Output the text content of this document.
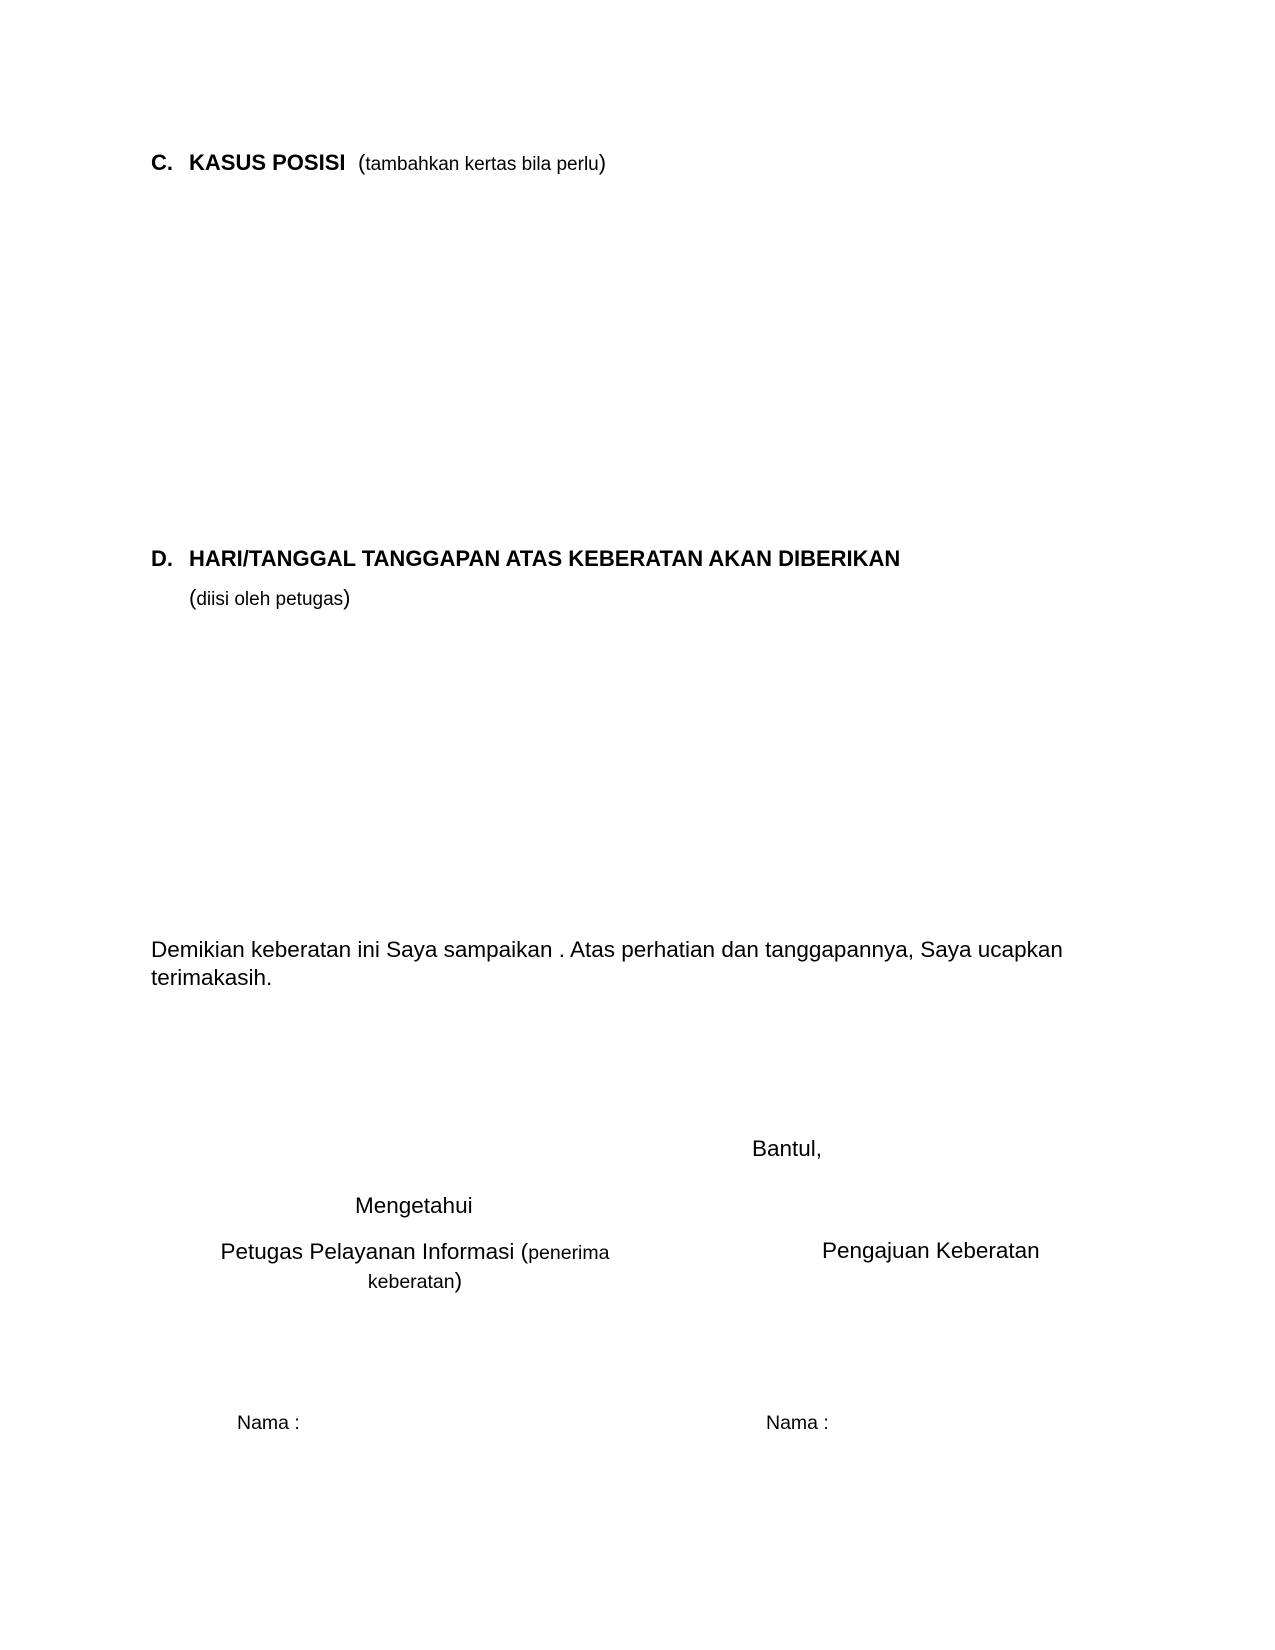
C. KASUS POSISI (tambahkan kertas bila perlu)
D. HARI/TANGGAL TANGGAPAN ATAS KEBERATAN AKAN DIBERIKAN
(diisi oleh petugas)
Demikian keberatan ini Saya sampaikan . Atas perhatian dan tanggapannya, Saya ucapkan terimakasih.
Bantul,
Mengetahui
Petugas Pelayanan Informasi (penerima keberatan)
Pengajuan Keberatan
Nama :	Nama :
